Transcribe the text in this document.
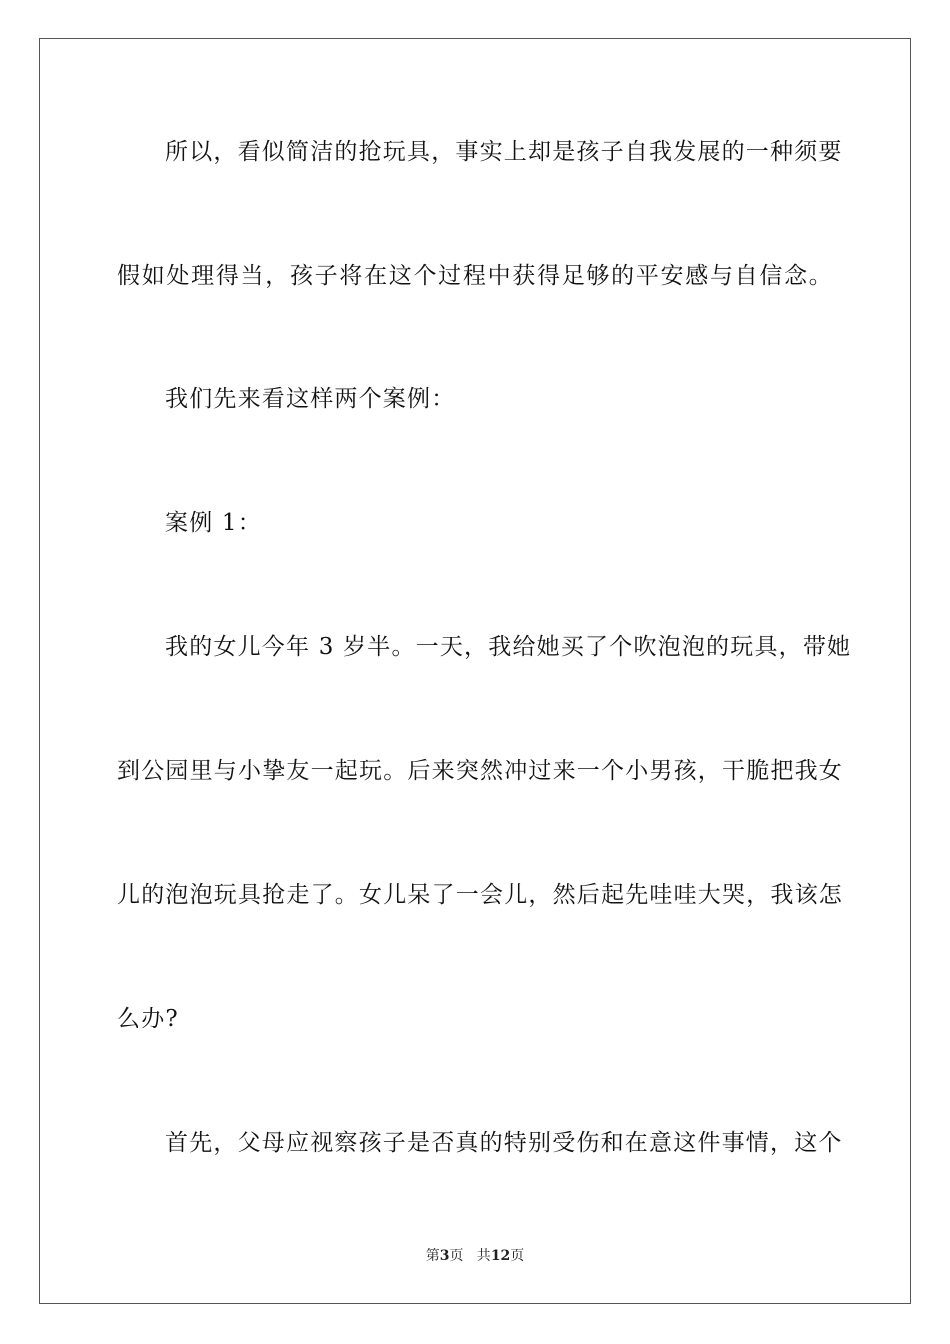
所以，看似简洁的抢玩具，事实上却是孩子自我发展的一种须要
假如处理得当，孩子将在这个过程中获得足够的平安感与自信念。
我们先来看这样两个案例：
案例 1：
我的女儿今年 3 岁半。一天，我给她买了个吹泡泡的玩具，带她
到公园里与小挚友一起玩。后来突然冲过来一个小男孩，干脆把我女
儿的泡泡玩具抢走了。女儿呆了一会儿，然后起先哇哇大哭，我该怎
么办?
首先，父母应视察孩子是否真的特别受伤和在意这件事情，这个
第3页   共12页
